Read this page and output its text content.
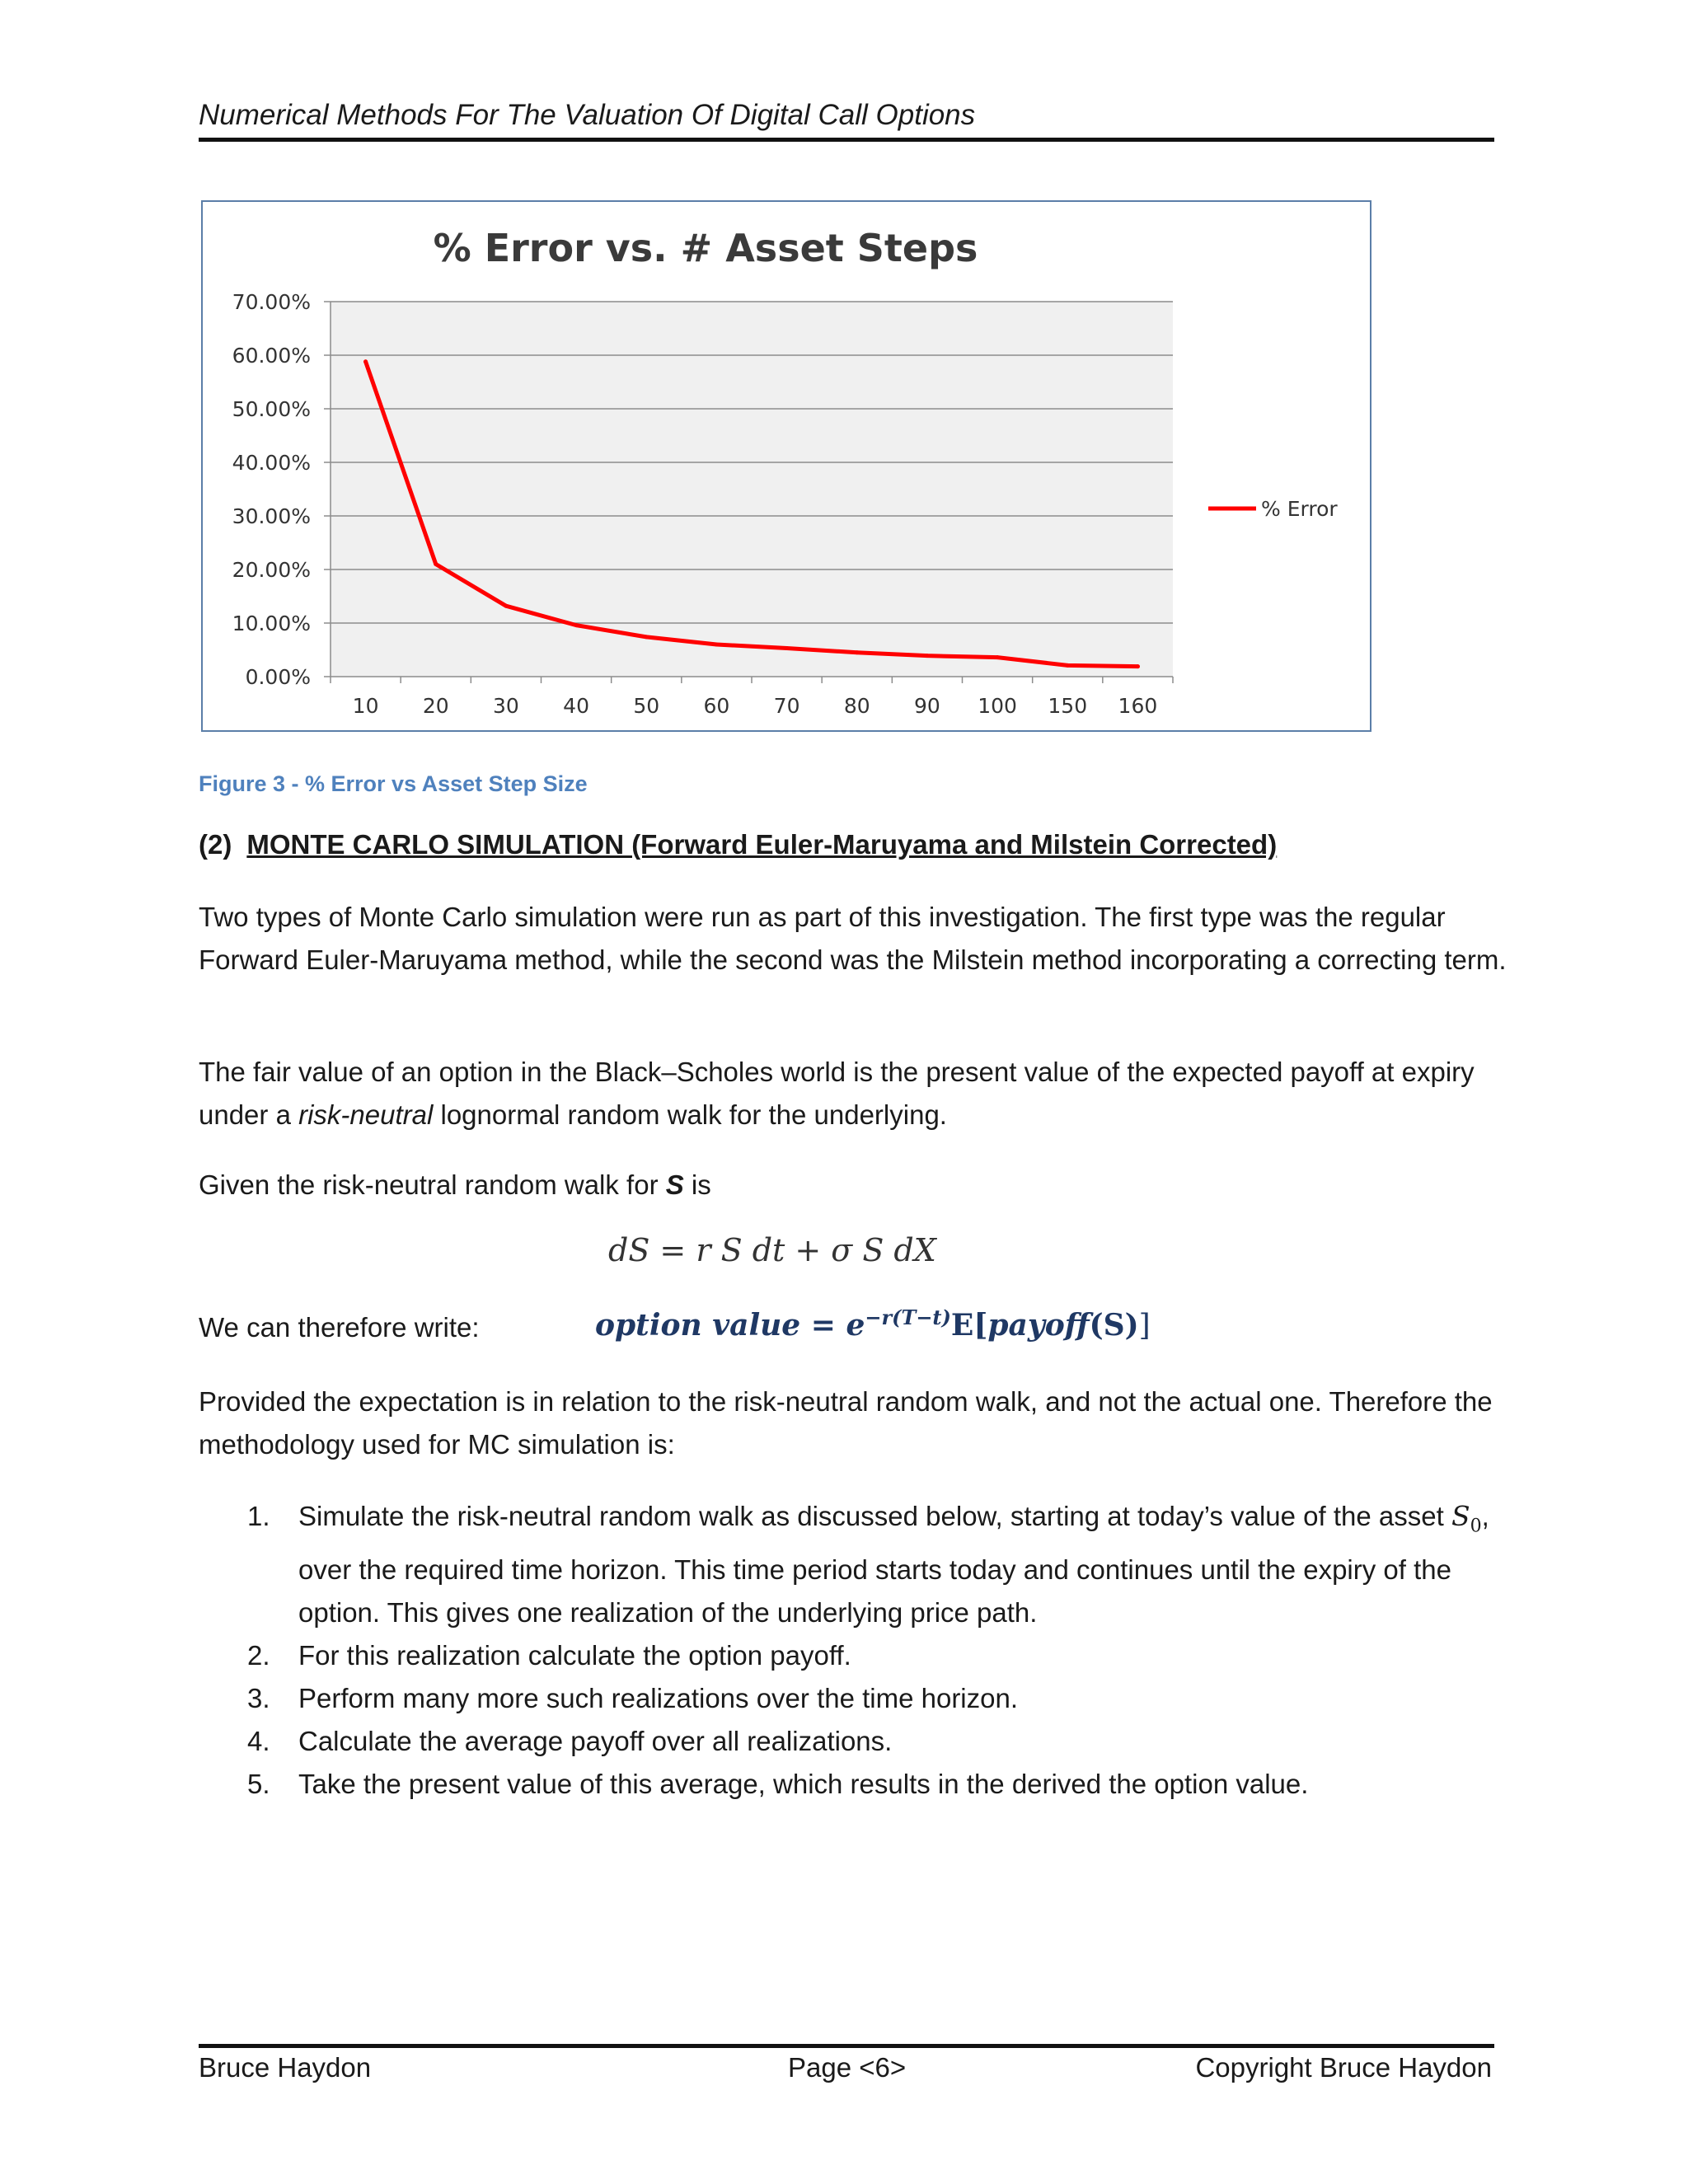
Numerical Methods For The Valuation Of Digital Call Options
0.00%
10.00%
20.00%
30.00%
40.00%
50.00%
60.00%
70.00%
10 20 30 40 50 60 70 80 90 100 150 160
% Error vs. # Asset Steps
% Error
Figure 3 - % Error vs Asset Step Size
(2) MONTE CARLO SIMULATION (Forward Euler-Maruyama and Milstein Corrected)
Two types of Monte Carlo simulation were run as part of this investigation. The first type was the regular Forward Euler-Maruyama method, while the second was the Milstein method incorporating a correcting term.
The fair value of an option in the Black–Scholes world is the present value of the expected payoff at expiry under a risk-neutral lognormal random walk for the underlying.
Given the risk-neutral random walk for S is
dS = r S dt + σ S dX
We can therefore write:	option value = $e^{-r(T-t)}E[payoff(S)]$
Provided the expectation is in relation to the risk-neutral random walk, and not the actual one. Therefore the methodology used for MC simulation is:
1. Simulate the risk-neutral random walk as discussed below, starting at today’s value of the asset $S_0$, over the required time horizon. This time period starts today and continues until the expiry of the option. This gives one realization of the underlying price path.
2. For this realization calculate the option payoff.
3. Perform many more such realizations over the time horizon.
4. Calculate the average payoff over all realizations.
5. Take the present value of this average, which results in the derived the option value.
Bruce Haydon	Page <6>	Copyright Bruce Haydon
